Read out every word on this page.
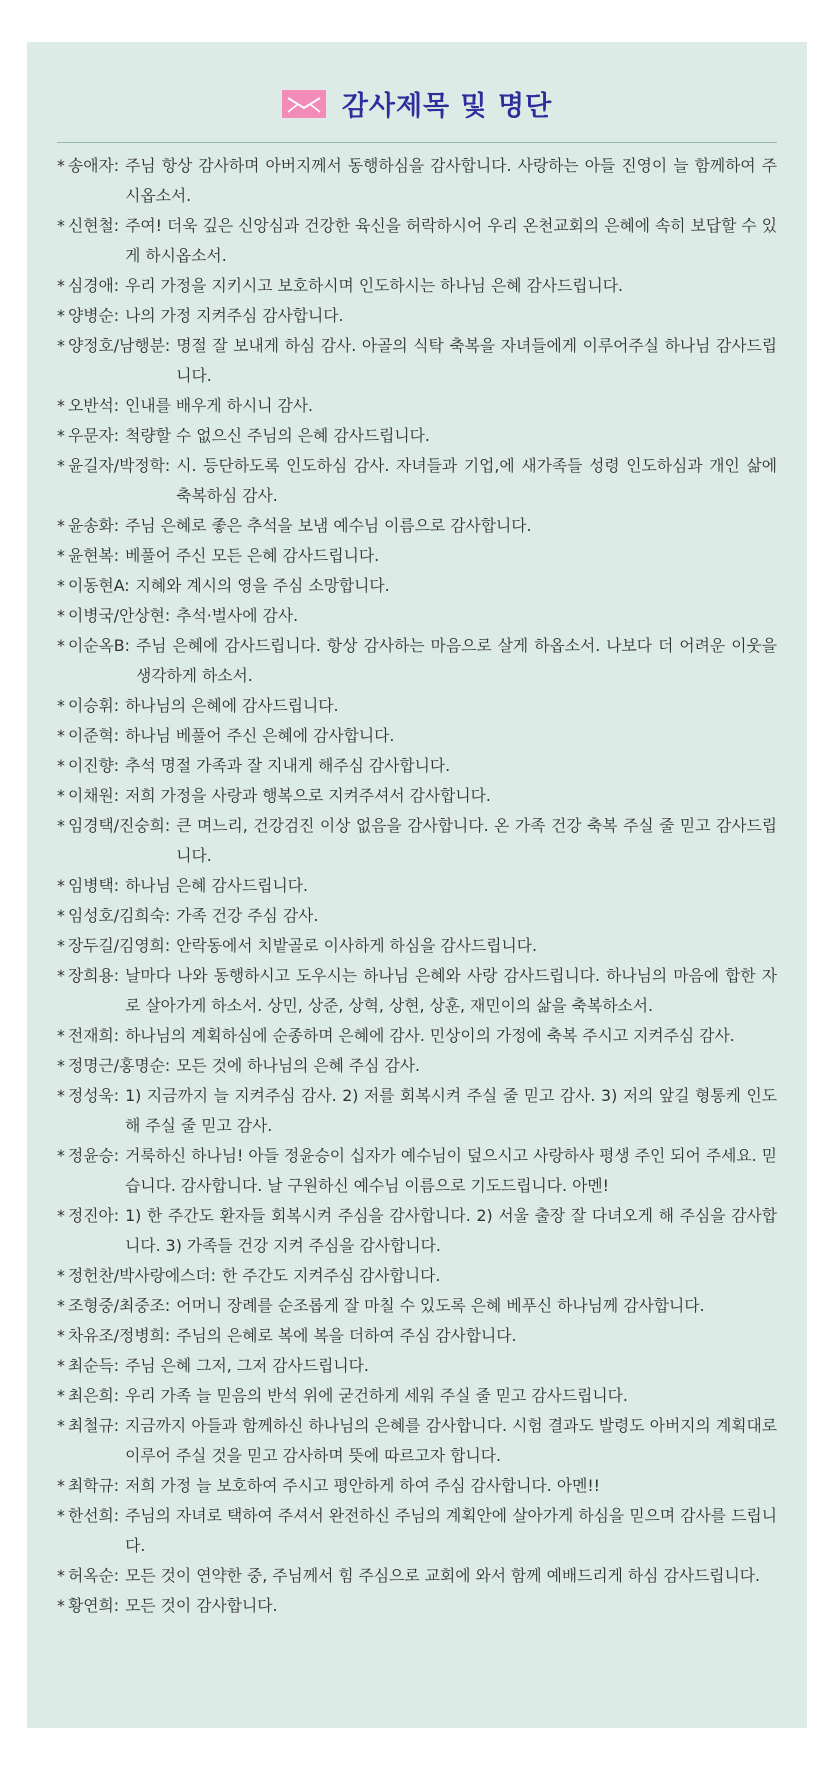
감사제목 및 명단
* 송애자: 주님 항상 감사하며 아버지께서 동행하심을 감사합니다. 사랑하는 아들 진영이 늘 함께하여 주시옵소서.
* 신현철: 주여! 더욱 깊은 신앙심과 건강한 육신을 허락하시어 우리 온천교회의 은혜에 속히 보답할 수 있게 하시옵소서.
* 심경애: 우리 가정을 지키시고 보호하시며 인도하시는 하나님 은혜 감사드립니다.
* 양병순: 나의 가정 지켜주심 감사합니다.
* 양정호/남행분: 명절 잘 보내게 하심 감사. 아골의 식탁 축복을 자녀들에게 이루어주실 하나님 감사드립니다.
* 오반석: 인내를 배우게 하시니 감사.
* 우문자: 척량할 수 없으신 주님의 은혜 감사드립니다.
* 윤길자/박정학: 시. 등단하도록 인도하심 감사. 자녀들과 기업,에 새가족들 성령 인도하심과 개인 삶에 축복하심 감사.
* 윤송화: 주님 은혜로 좋은 추석을 보냄 예수님 이름으로 감사합니다.
* 윤현복: 베풀어 주신 모든 은혜 감사드립니다.
* 이동현A: 지혜와 계시의 영을 주심 소망합니다.
* 이병국/안상현: 추석·벌사에 감사.
* 이순옥B: 주님 은혜에 감사드립니다. 항상 감사하는 마음으로 살게 하옵소서. 나보다 더 어려운 이웃을 생각하게 하소서.
* 이승휘: 하나님의 은혜에 감사드립니다.
* 이준혁: 하나님 베풀어 주신 은혜에 감사합니다.
* 이진향: 추석 명절 가족과 잘 지내게 해주심 감사합니다.
* 이채원: 저희 가정을 사랑과 행복으로 지켜주셔서 감사합니다.
* 임경택/진숭희: 큰 며느리, 건강검진 이상 없음을 감사합니다. 온 가족 건강 축복 주실 줄 믿고 감사드립니다.
* 임병택: 하나님 은혜 감사드립니다.
* 임성호/김희숙: 가족 건강 주심 감사.
* 장두길/김영희: 안락동에서 치밭골로 이사하게 하심을 감사드립니다.
* 장희용: 날마다 나와 동행하시고 도우시는 하나님 은혜와 사랑 감사드립니다. 하나님의 마음에 합한 자로 살아가게 하소서. 상민, 상준, 상혁, 상현, 상훈, 재민이의 삶을 축복하소서.
* 전재희: 하나님의 계획하심에 순종하며 은혜에 감사. 민상이의 가정에 축복 주시고 지켜주심 감사.
* 정명근/홍명순: 모든 것에 하나님의 은혜 주심 감사.
* 정성욱: 1) 지금까지 늘 지켜주심 감사. 2) 저를 회복시켜 주실 줄 믿고 감사. 3) 저의 앞길 형통케 인도해 주실 줄 믿고 감사.
* 정윤승: 거룩하신 하나님! 아들 정윤승이 십자가 예수님이 덮으시고 사랑하사 평생 주인 되어 주세요. 믿습니다. 감사합니다. 날 구원하신 예수님 이름으로 기도드립니다. 아멘!
* 정진아: 1) 한 주간도 환자들 회복시켜 주심을 감사합니다. 2) 서울 출장 잘 다녀오게 해 주심을 감사합니다. 3) 가족들 건강 지켜 주심을 감사합니다.
* 정헌찬/박사랑에스더: 한 주간도 지켜주심 감사합니다.
* 조형중/최중조: 어머니 장례를 순조롭게 잘 마칠 수 있도록 은혜 베푸신 하나님께 감사합니다.
* 차유조/정병희: 주님의 은혜로 복에 복을 더하여 주심 감사합니다.
* 최순득: 주님 은혜 그저, 그저 감사드립니다.
* 최은희: 우리 가족 늘 믿음의 반석 위에 굳건하게 세워 주실 줄 믿고 감사드립니다.
* 최철규: 지금까지 아들과 함께하신 하나님의 은혜를 감사합니다. 시험 결과도 발령도 아버지의 계획대로 이루어 주실 것을 믿고 감사하며 뜻에 따르고자 합니다.
* 최학규: 저희 가정 늘 보호하여 주시고 평안하게 하여 주심 감사합니다. 아멘!!
* 한선희: 주님의 자녀로 택하여 주셔서 완전하신 주님의 계획안에 살아가게 하심을 믿으며 감사를 드립니다.
* 허옥순: 모든 것이 연약한 중, 주님께서 힘 주심으로 교회에 와서 함께 예배드리게 하심 감사드립니다.
* 황연희: 모든 것이 감사합니다.
